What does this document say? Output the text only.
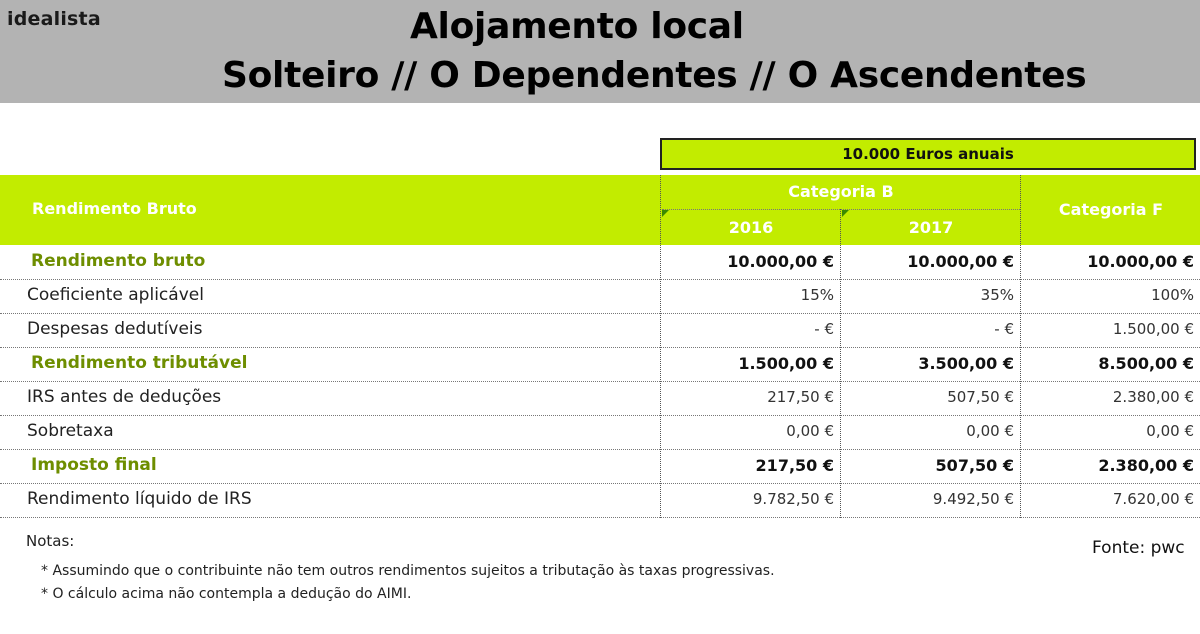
idealista	Alojamento local
Solteiro // O Dependentes // O Ascendentes
10.000 Euros anuais
Rendimento Bruto
Categoria B
Categoria F
2016	2017
Rendimento bruto	10.000,00 €	10.000,00 €	10.000,00 €
Coeficiente aplicável	15%	35%	100%
Despesas dedutíveis	- €	- €	1.500,00 €
Rendimento tributável	1.500,00 €	3.500,00 €	8.500,00 €
IRS antes de deduções	217,50 €	507,50 €	2.380,00 €
Sobretaxa	0,00 €	0,00 €	0,00 €
Imposto final	217,50 €	507,50 €	2.380,00 €
Rendimento líquido de IRS	9.782,50 €	9.492,50 €	7.620,00 €
Notas:
* Assumindo que o contribuinte não tem outros rendimentos sujeitos a tributação às taxas progressivas.
* O cálculo acima não contempla a dedução do AIMI.
Fonte: pwc
